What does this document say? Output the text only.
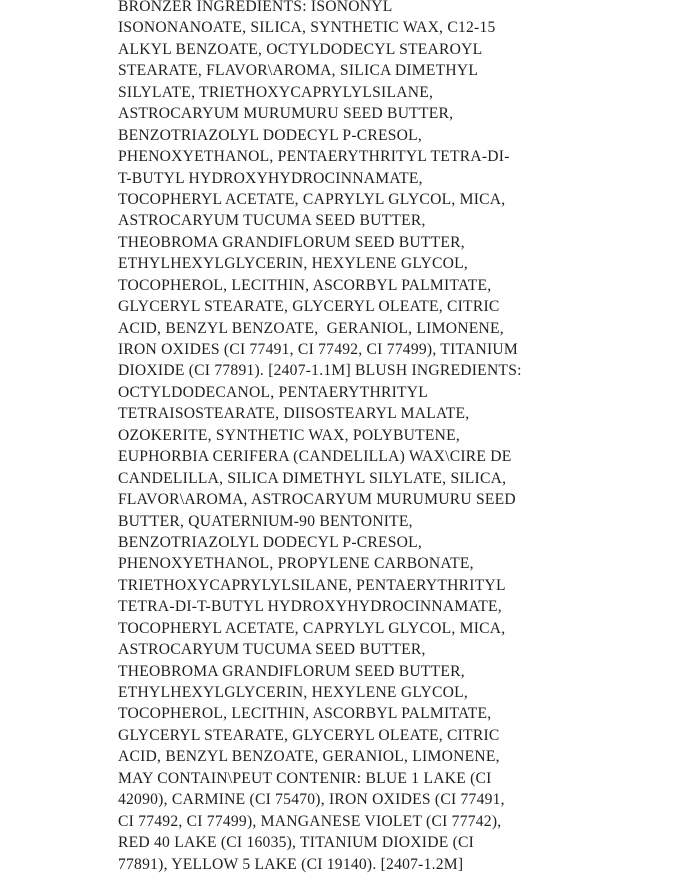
BRONZER INGREDIENTS: ISONONYL
ISONONANOATE, SILICA, SYNTHETIC WAX, C12-15
ALKYL BENZOATE, OCTYLDODECYL STEAROYL
STEARATE, FLAVOR\AROMA, SILICA DIMETHYL
SILYLATE, TRIETHOXYCAPRYLYLSILANE,
ASTROCARYUM MURUMURU SEED BUTTER,
BENZOTRIAZOLYL DODECYL P-CRESOL,
PHENOXYETHANOL, PENTAERYTHRITYL TETRA-DI-
T-BUTYL HYDROXYHYDROCINNAMATE,
TOCOPHERYL ACETATE, CAPRYLYL GLYCOL, MICA,
ASTROCARYUM TUCUMA SEED BUTTER,
THEOBROMA GRANDIFLORUM SEED BUTTER,
ETHYLHEXYLGLYCERIN, HEXYLENE GLYCOL,
TOCOPHEROL, LECITHIN, ASCORBYL PALMITATE,
GLYCERYL STEARATE, GLYCERYL OLEATE, CITRIC
ACID, BENZYL BENZOATE,  GERANIOL, LIMONENE,
IRON OXIDES (CI 77491, CI 77492, CI 77499), TITANIUM
DIOXIDE (CI 77891). [2407-1.1M] BLUSH INGREDIENTS:
OCTYLDODECANOL, PENTAERYTHRITYL
TETRAISOSTEARATE, DIISOSTEARYL MALATE,
OZOKERITE, SYNTHETIC WAX, POLYBUTENE,
EUPHORBIA CERIFERA (CANDELILLA) WAX\CIRE DE
CANDELILLA, SILICA DIMETHYL SILYLATE, SILICA,
FLAVOR\AROMA, ASTROCARYUM MURUMURU SEED
BUTTER, QUATERNIUM-90 BENTONITE,
BENZOTRIAZOLYL DODECYL P-CRESOL,
PHENOXYETHANOL, PROPYLENE CARBONATE,
TRIETHOXYCAPRYLYLSILANE, PENTAERYTHRITYL
TETRA-DI-T-BUTYL HYDROXYHYDROCINNAMATE,
TOCOPHERYL ACETATE, CAPRYLYL GLYCOL, MICA,
ASTROCARYUM TUCUMA SEED BUTTER,
THEOBROMA GRANDIFLORUM SEED BUTTER,
ETHYLHEXYLGLYCERIN, HEXYLENE GLYCOL,
TOCOPHEROL, LECITHIN, ASCORBYL PALMITATE,
GLYCERYL STEARATE, GLYCERYL OLEATE, CITRIC
ACID, BENZYL BENZOATE, GERANIOL, LIMONENE,
MAY CONTAIN\PEUT CONTENIR: BLUE 1 LAKE (CI
42090), CARMINE (CI 75470), IRON OXIDES (CI 77491,
CI 77492, CI 77499), MANGANESE VIOLET (CI 77742),
RED 40 LAKE (CI 16035), TITANIUM DIOXIDE (CI
77891), YELLOW 5 LAKE (CI 19140). [2407-1.2M]
